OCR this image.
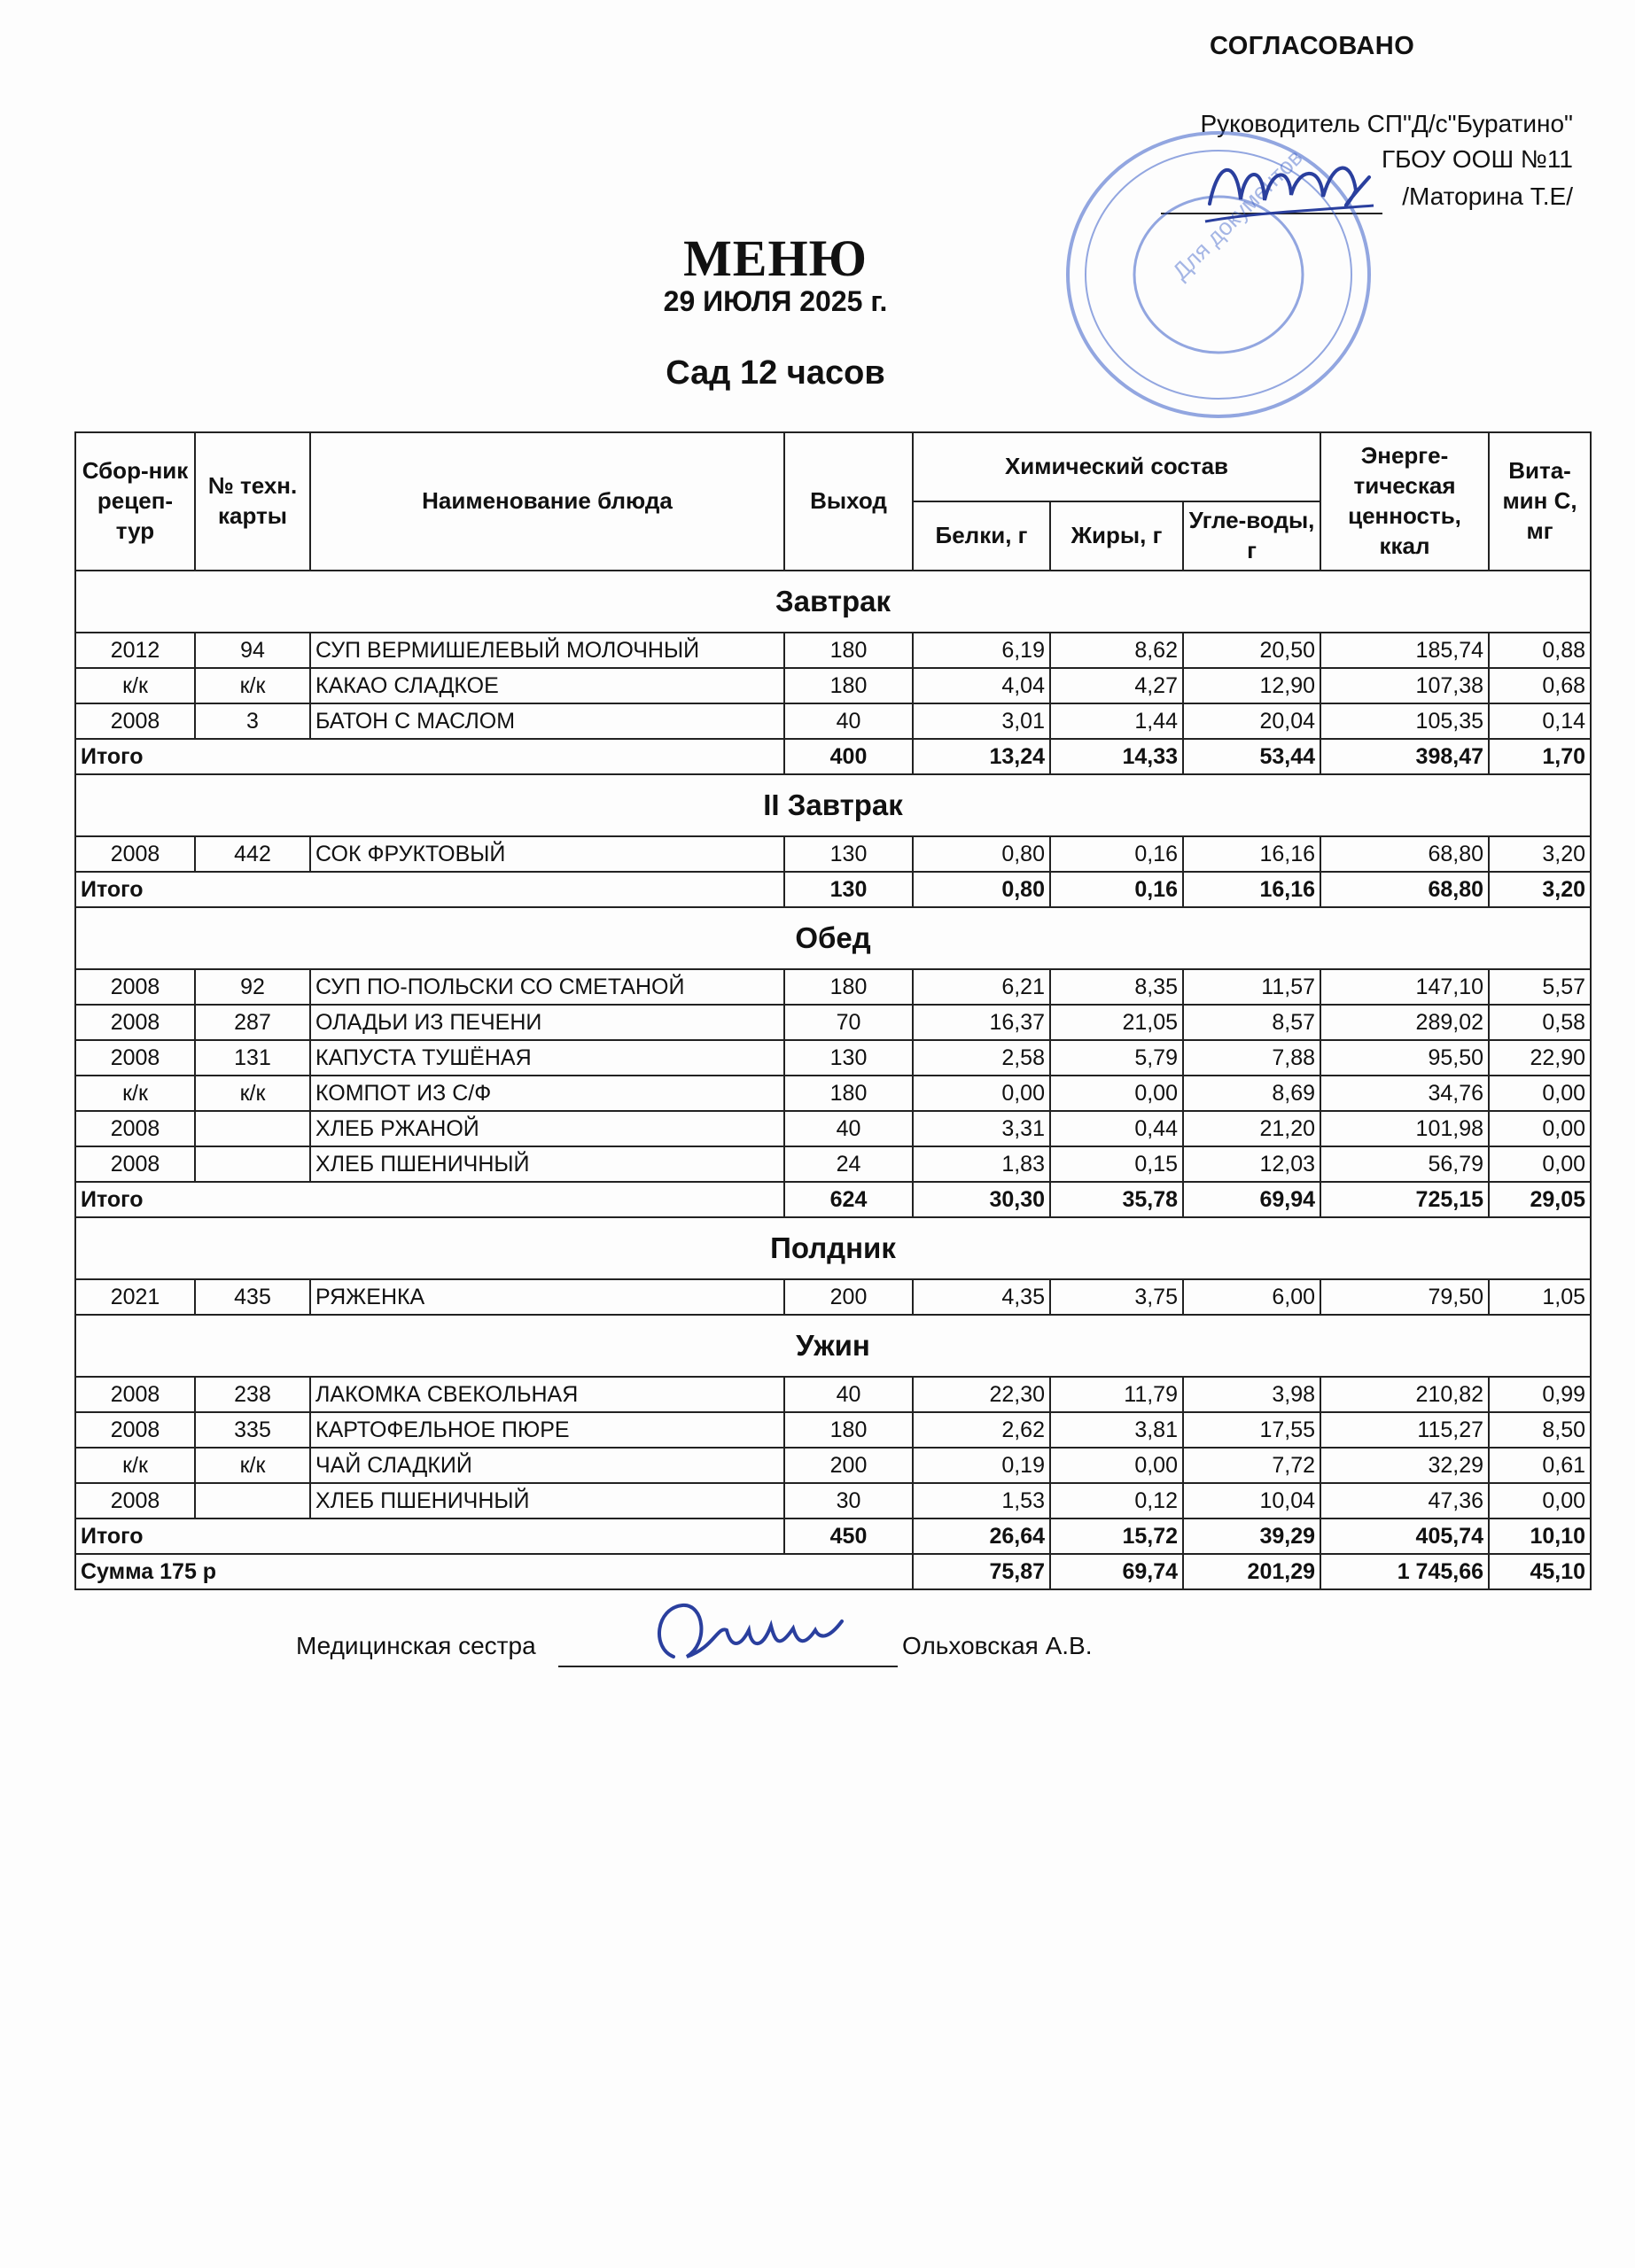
СОГЛАСОВАНО
Руководитель СП"Д/с"Буратино"
ГБОУ ООШ №11
/Маторина Т.Е/
Для документов
МЕНЮ
29 ИЮЛЯ 2025 г.
Сад 12 часов
Сбор-ник рецеп-тур	№ техн. карты	Наименование блюда	Выход	Химический состав			Энерге-тическая ценность, ккал	Вита-мин С, мг
				Белки, г	Жиры, г	Угле-воды, г		
Завтрак								
2012	94	СУП ВЕРМИШЕЛЕВЫЙ МОЛОЧНЫЙ	180	6,19	8,62	20,50	185,74	0,88
к/к	к/к	КАКАО СЛАДКОЕ	180	4,04	4,27	12,90	107,38	0,68
2008	3	БАТОН С МАСЛОМ	40	3,01	1,44	20,04	105,35	0,14
Итого			400	13,24	14,33	53,44	398,47	1,70
II Завтрак								
2008	442	СОК ФРУКТОВЫЙ	130	0,80	0,16	16,16	68,80	3,20
Итого			130	0,80	0,16	16,16	68,80	3,20
Обед								
2008	92	СУП ПО-ПОЛЬСКИ СО СМЕТАНОЙ	180	6,21	8,35	11,57	147,10	5,57
2008	287	ОЛАДЬИ ИЗ ПЕЧЕНИ	70	16,37	21,05	8,57	289,02	0,58
2008	131	КАПУСТА ТУШЁНАЯ	130	2,58	5,79	7,88	95,50	22,90
к/к	к/к	КОМПОТ ИЗ С/Ф	180	0,00	0,00	8,69	34,76	0,00
2008		ХЛЕБ РЖАНОЙ	40	3,31	0,44	21,20	101,98	0,00
2008		ХЛЕБ ПШЕНИЧНЫЙ	24	1,83	0,15	12,03	56,79	0,00
Итого			624	30,30	35,78	69,94	725,15	29,05
Полдник								
2021	435	РЯЖЕНКА	200	4,35	3,75	6,00	79,50	1,05
Ужин								
2008	238	ЛАКОМКА СВЕКОЛЬНАЯ	40	22,30	11,79	3,98	210,82	0,99
2008	335	КАРТОФЕЛЬНОЕ ПЮРЕ	180	2,62	3,81	17,55	115,27	8,50
к/к	к/к	ЧАЙ СЛАДКИЙ	200	0,19	0,00	7,72	32,29	0,61
2008		ХЛЕБ ПШЕНИЧНЫЙ	30	1,53	0,12	10,04	47,36	0,00
Итого			450	26,64	15,72	39,29	405,74	10,10
Сумма 175 р				75,87	69,74	201,29	1 745,66	45,10
Медицинская сестра	Ольховская А.В.
